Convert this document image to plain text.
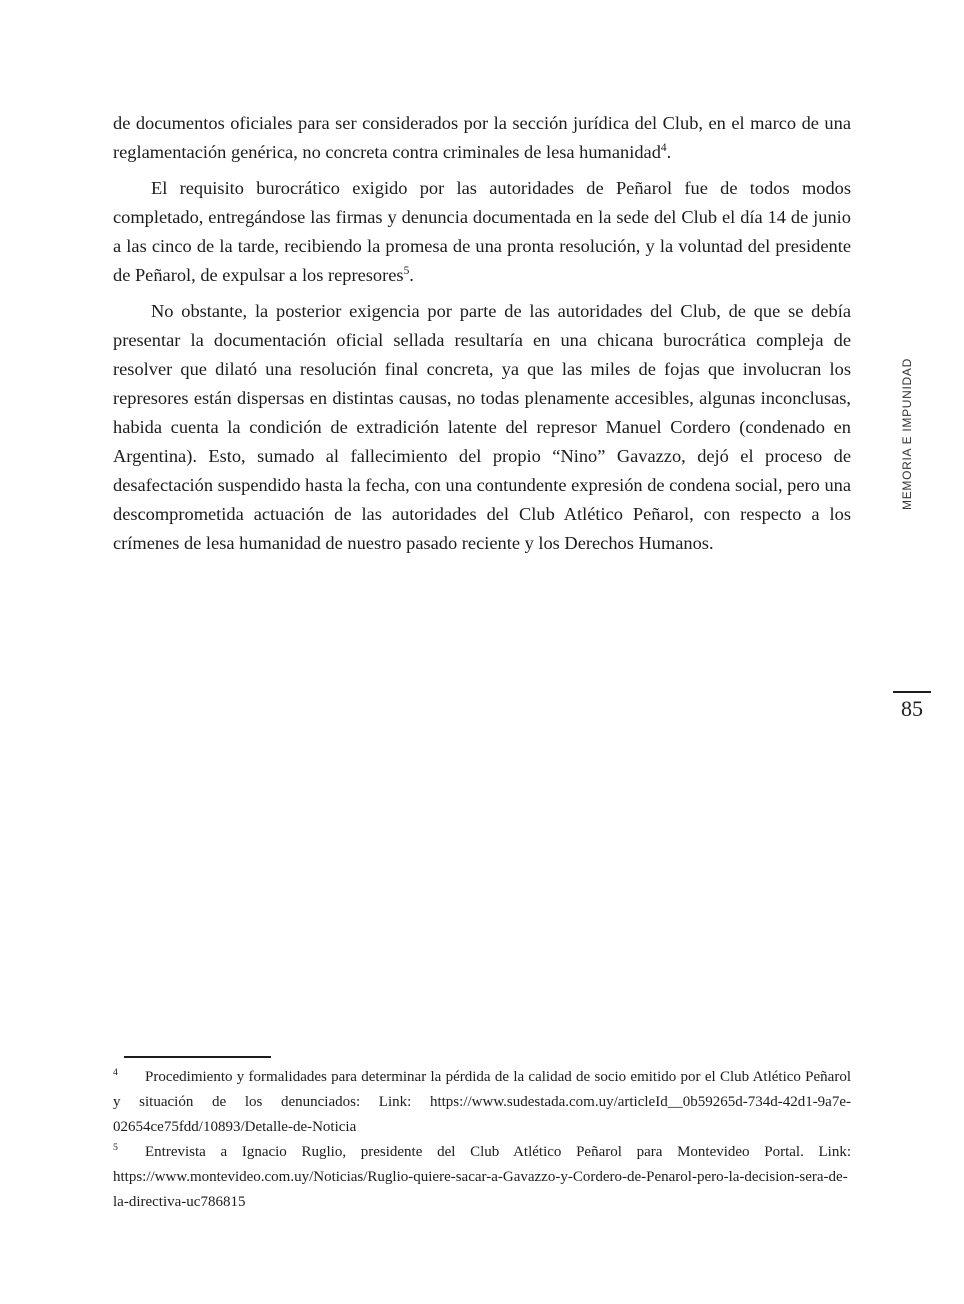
de documentos oficiales para ser considerados por la sección jurídica del Club, en el marco de una reglamentación genérica, no concreta contra criminales de lesa humanidad$^4$.

El requisito burocrático exigido por las autoridades de Peñarol fue de todos modos completado, entregándose las firmas y denuncia documentada en la sede del Club el día 14 de junio a las cinco de la tarde, recibiendo la promesa de una pronta resolución, y la voluntad del presidente de Peñarol, de expulsar a los represores$^5$.

No obstante, la posterior exigencia por parte de las autoridades del Club, de que se debía presentar la documentación oficial sellada resultaría en una chicana burocrática compleja de resolver que dilató una resolución final concreta, ya que las miles de fojas que involucran los represores están dispersas en distintas causas, no todas plenamente accesibles, algunas inconclusas, habida cuenta la condición de extradición latente del represor Manuel Cordero (condenado en Argentina). Esto, sumado al fallecimiento del propio “Nino” Gavazzo, dejó el proceso de desafectación suspendido hasta la fecha, con una contundente expresión de condena social, pero una descomprometida actuación de las autoridades del Club Atlético Peñarol, con respecto a los crímenes de lesa humanidad de nuestro pasado reciente y los Derechos Humanos.

MEMORIA E IMPUNIDAD
85

$^4$ Procedimiento y formalidades para determinar la pérdida de la calidad de socio emitido por el Club Atlético Peñarol y situación de los denunciados: Link: https://www.sudestada.com.uy/articleId__0b59265d-734d-42d1-9a7e-02654ce75fdd/10893/Detalle-de-Noticia

$^5$ Entrevista a Ignacio Ruglio, presidente del Club Atlético Peñarol para Montevideo Portal. Link: https://www.montevideo.com.uy/Noticias/Ruglio-quiere-sacar-a-Gavazzo-y-Cordero-de-Penarol-pero-la-decision-sera-de-la-directiva-uc786815
